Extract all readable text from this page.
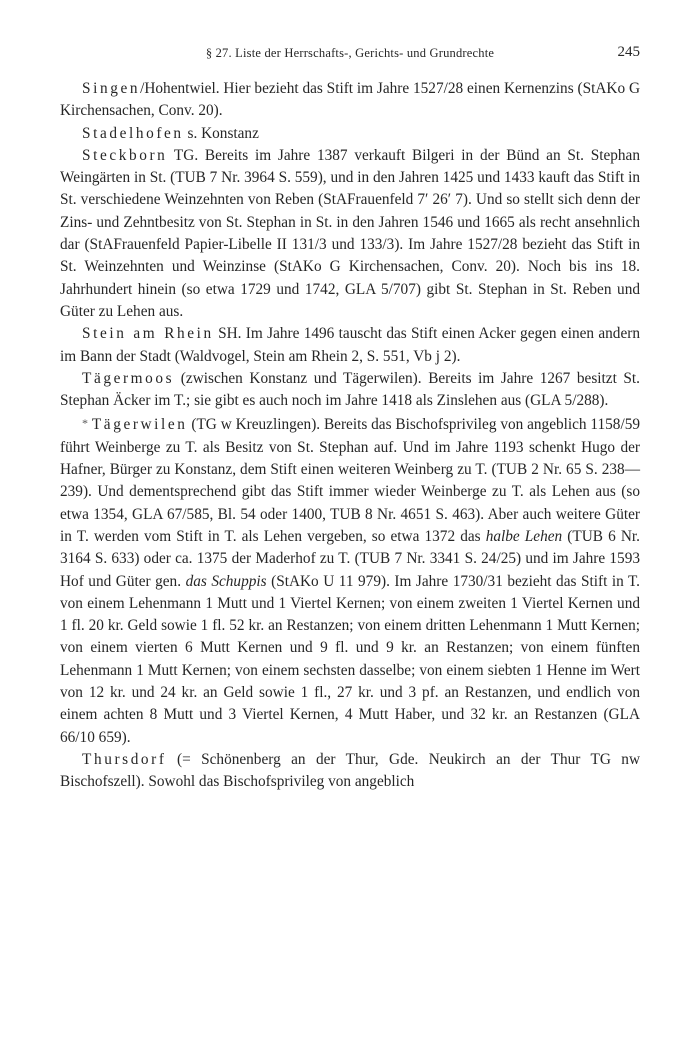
§ 27. Liste der Herrschafts-, Gerichts- und Grundrechte	245

Singen/Hohentwiel. Hier bezieht das Stift im Jahre 1527/28 einen Kernenzins (StAKo G Kirchensachen, Conv. 20).

Stadelhofen s. Konstanz

Steckborn TG. Bereits im Jahre 1387 verkauft Bilgeri in der Bünd an St. Stephan Weingärten in St. (TUB 7 Nr. 3964 S. 559), und in den Jahren 1425 und 1433 kauft das Stift in St. verschiedene Weinzehnten von Reben (StAFrauenfeld 7′ 26′ 7). Und so stellt sich denn der Zins- und Zehntbesitz von St. Stephan in St. in den Jahren 1546 und 1665 als recht ansehnlich dar (StAFrauenfeld Papier-Libelle II 131/3 und 133/3). Im Jahre 1527/28 bezieht das Stift in St. Weinzehnten und Weinzinse (StAKo G Kirchensachen, Conv. 20). Noch bis ins 18. Jahrhundert hinein (so etwa 1729 und 1742, GLA 5/707) gibt St. Stephan in St. Reben und Güter zu Lehen aus.

Stein am Rhein SH. Im Jahre 1496 tauscht das Stift einen Acker gegen einen andern im Bann der Stadt (Waldvogel, Stein am Rhein 2, S. 551, Vb j 2).

Tägermoos (zwischen Konstanz und Tägerwilen). Bereits im Jahre 1267 besitzt St. Stephan Äcker im T.; sie gibt es auch noch im Jahre 1418 als Zinslehen aus (GLA 5/288).

* Tägerwilen (TG w Kreuzlingen). Bereits das Bischofsprivileg von angeblich 1158/59 führt Weinberge zu T. als Besitz von St. Stephan auf. Und im Jahre 1193 schenkt Hugo der Hafner, Bürger zu Konstanz, dem Stift einen weiteren Weinberg zu T. (TUB 2 Nr. 65 S. 238—239). Und dementsprechend gibt das Stift immer wieder Weinberge zu T. als Lehen aus (so etwa 1354, GLA 67/585, Bl. 54 oder 1400, TUB 8 Nr. 4651 S. 463). Aber auch weitere Güter in T. werden vom Stift in T. als Lehen vergeben, so etwa 1372 das halbe Lehen (TUB 6 Nr. 3164 S. 633) oder ca. 1375 der Maderhof zu T. (TUB 7 Nr. 3341 S. 24/25) und im Jahre 1593 Hof und Güter gen. das Schuppis (StAKo U 11 979). Im Jahre 1730/31 bezieht das Stift in T. von einem Lehenmann 1 Mutt und 1 Viertel Kernen; von einem zweiten 1 Viertel Kernen und 1 fl. 20 kr. Geld sowie 1 fl. 52 kr. an Restanzen; von einem dritten Lehenmann 1 Mutt Kernen; von einem vierten 6 Mutt Kernen und 9 fl. und 9 kr. an Restanzen; von einem fünften Lehenmann 1 Mutt Kernen; von einem sechsten dasselbe; von einem siebten 1 Henne im Wert von 12 kr. und 24 kr. an Geld sowie 1 fl., 27 kr. und 3 pf. an Restanzen, und endlich von einem achten 8 Mutt und 3 Viertel Kernen, 4 Mutt Haber, und 32 kr. an Restanzen (GLA 66/10 659).

Thursdorf (= Schönenberg an der Thur, Gde. Neukirch an der Thur TG nw Bischofszell). Sowohl das Bischofsprivileg von angeblich
